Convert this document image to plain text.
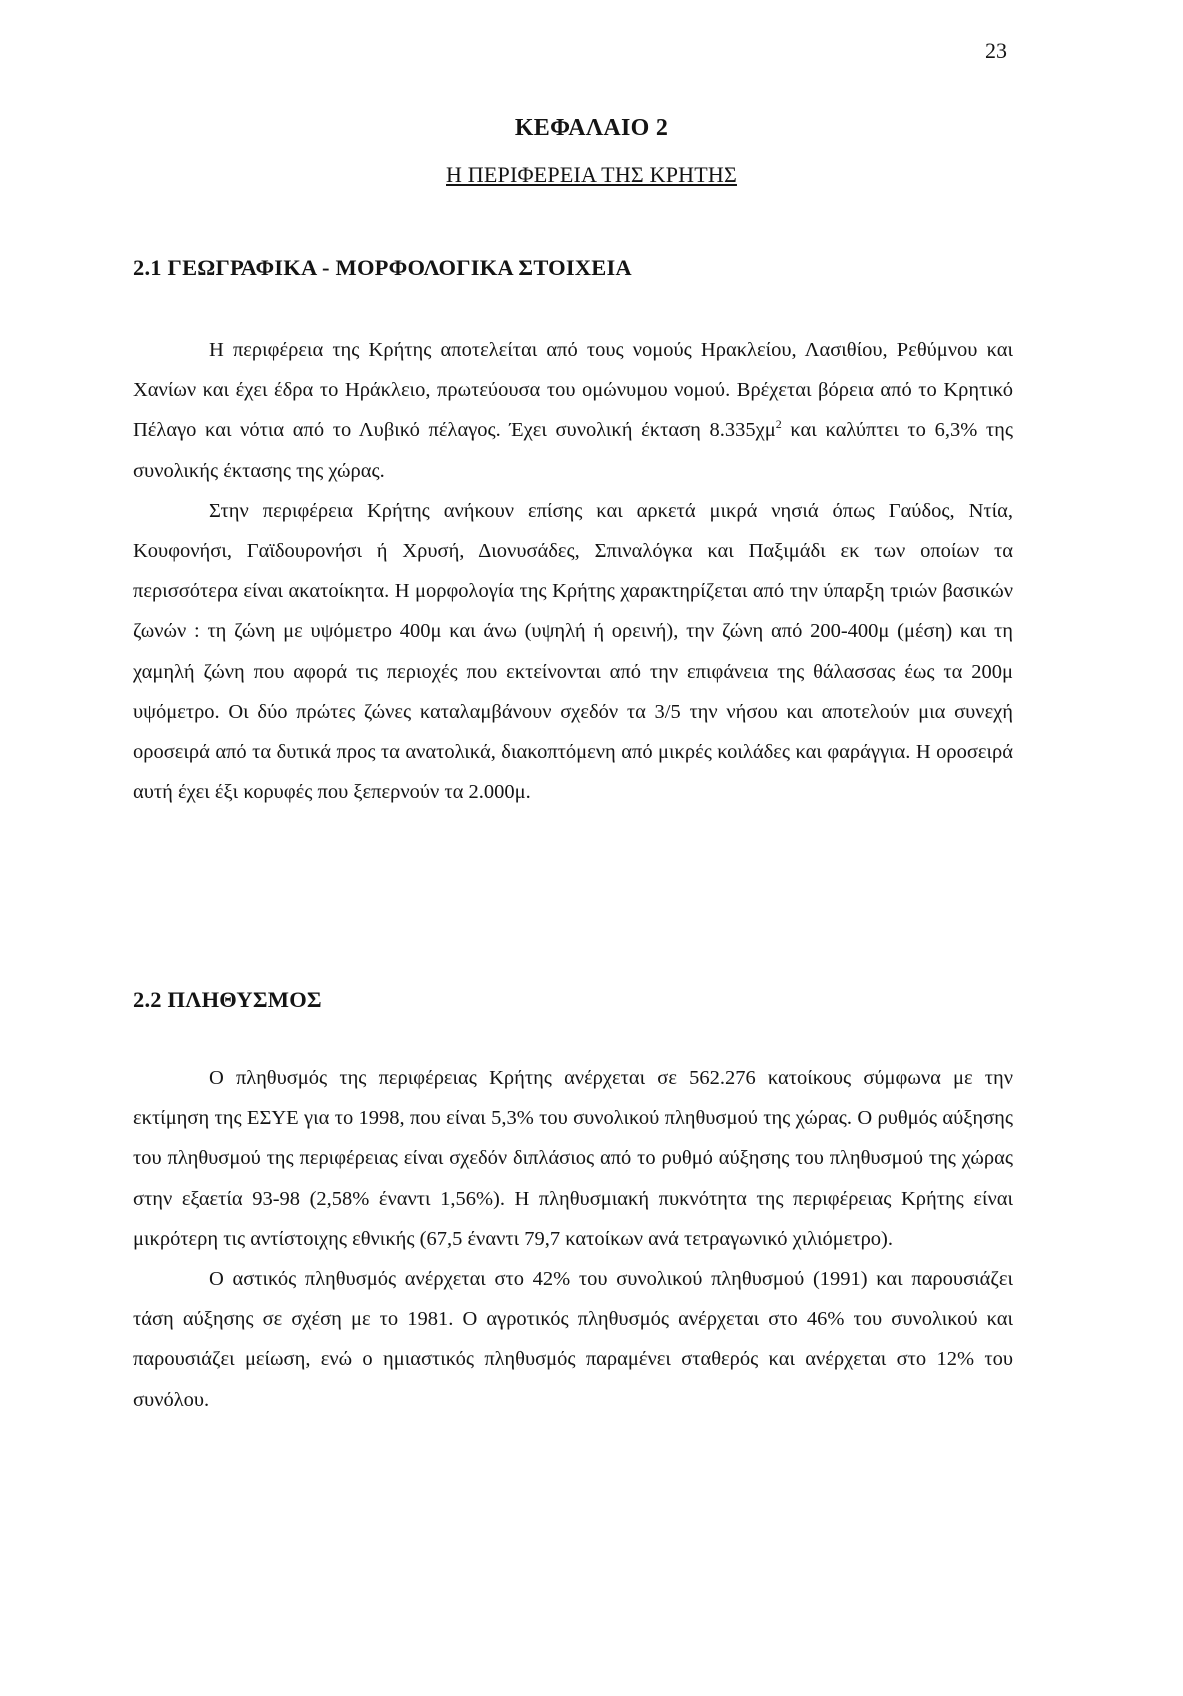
23
ΚΕΦΑΛΑΙΟ 2
Η ΠΕΡΙΦΕΡΕΙΑ ΤΗΣ ΚΡΗΤΗΣ
2.1 ΓΕΩΓΡΑΦΙΚΑ - ΜΟΡΦΟΛΟΓΙΚΑ ΣΤΟΙΧΕΙΑ

Η περιφέρεια της Κρήτης αποτελείται από τους νομούς Ηρακλείου, Λασιθίου, Ρεθύμνου και Χανίων και έχει έδρα το Ηράκλειο, πρωτεύουσα του ομώνυμου νομού. Βρέχεται βόρεια από το Κρητικό Πέλαγο και νότια από το Λυβικό πέλαγος. Έχει συνολική έκταση $8.335\chi\mu^2$ και καλύπτει το 6,3% της συνολικής έκτασης της χώρας.

Στην περιφέρεια Κρήτης ανήκουν επίσης και αρκετά μικρά νησιά όπως Γαύδος, Ντία, Κουφονήσι, Γαϊδουρονήσι ή Χρυσή, Διονυσάδες, Σπιναλόγκα και Παξιμάδι εκ των οποίων τα περισσότερα είναι ακατοίκητα. Η μορφολογία της Κρήτης χαρακτηρίζεται από την ύπαρξη τριών βασικών ζωνών : τη ζώνη με υψόμετρο 400μ και άνω (υψηλή ή ορεινή), την ζώνη από 200-400μ (μέση) και τη χαμηλή ζώνη που αφορά τις περιοχές που εκτείνονται από την επιφάνεια της θάλασσας έως τα 200μ υψόμετρο. Οι δύο πρώτες ζώνες καταλαμβάνουν σχεδόν τα 3/5 την νήσου και αποτελούν μια συνεχή οροσειρά από τα δυτικά προς τα ανατολικά, διακοπτόμενη από μικρές κοιλάδες και φαράγγια. Η οροσειρά αυτή έχει έξι κορυφές που ξεπερνούν τα 2.000μ.

2.2 ΠΛΗΘΥΣΜΟΣ

Ο πληθυσμός της περιφέρειας Κρήτης ανέρχεται σε 562.276 κατοίκους σύμφωνα με την εκτίμηση της ΕΣΥΕ για το 1998, που είναι 5,3% του συνολικού πληθυσμού της χώρας. Ο ρυθμός αύξησης του πληθυσμού της περιφέρειας είναι σχεδόν διπλάσιος από το ρυθμό αύξησης του πληθυσμού της χώρας στην εξαετία 93-98 (2,58% έναντι 1,56%). Η πληθυσμιακή πυκνότητα της περιφέρειας Κρήτης είναι μικρότερη τις αντίστοιχης εθνικής (67,5 έναντι 79,7 κατοίκων ανά τετραγωνικό χιλιόμετρο).

Ο αστικός πληθυσμός ανέρχεται στο 42% του συνολικού πληθυσμού (1991) και παρουσιάζει τάση αύξησης σε σχέση με το 1981. Ο αγροτικός πληθυσμός ανέρχεται στο 46% του συνολικού και παρουσιάζει μείωση, ενώ ο ημιαστικός πληθυσμός παραμένει σταθερός και ανέρχεται στο 12% του συνόλου.
